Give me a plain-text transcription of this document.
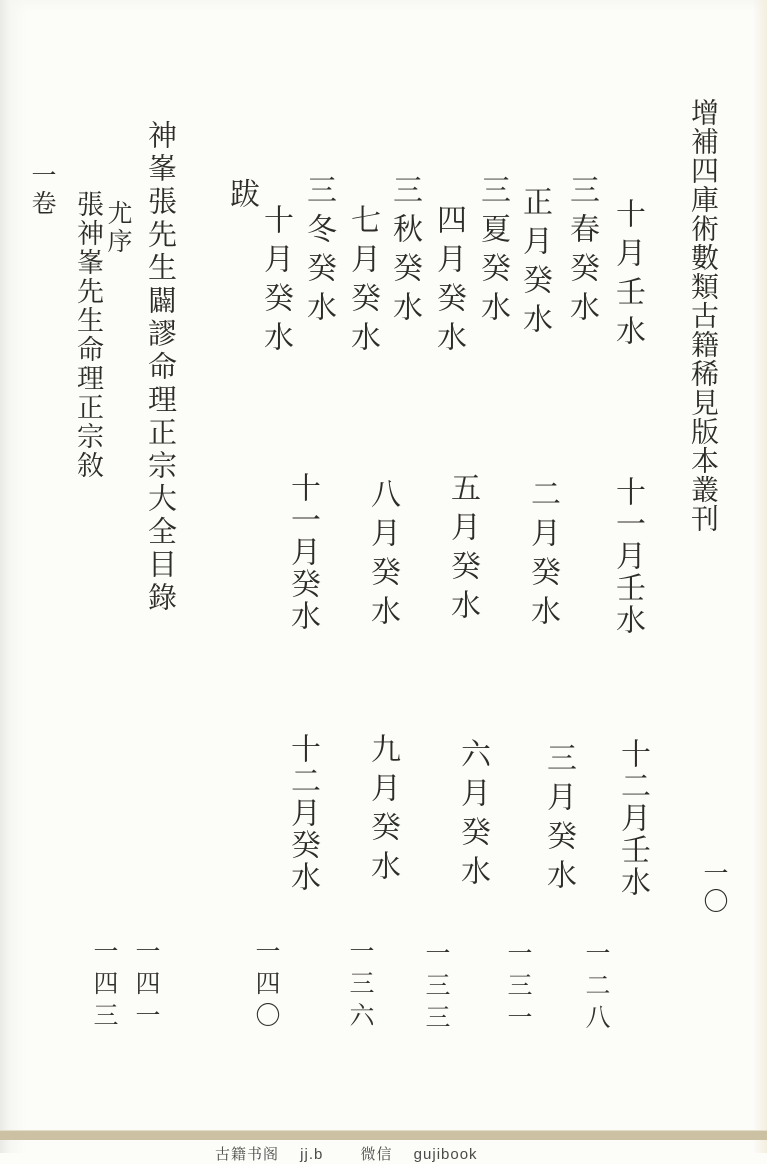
增補四庫術數類古籍稀見版本叢刊
一〇
十月壬水
三春癸水
正月癸水
三夏癸水
四月癸水
三秋癸水
七月癸水
三冬癸水
十月癸水
跋
十一月壬水
二月癸水
五月癸水
八月癸水
十一月癸水
十二月壬水
三月癸水
六月癸水
九月癸水
十二月癸水
一二八
一三一
一三三
一三六
一四〇
一四一
一四三
神峯張先生闢謬命理正宗大全目錄
尤序
張神峯先生命理正宗敘
一卷
古籍书阁　 jj.b 　　微信 　gujibook
